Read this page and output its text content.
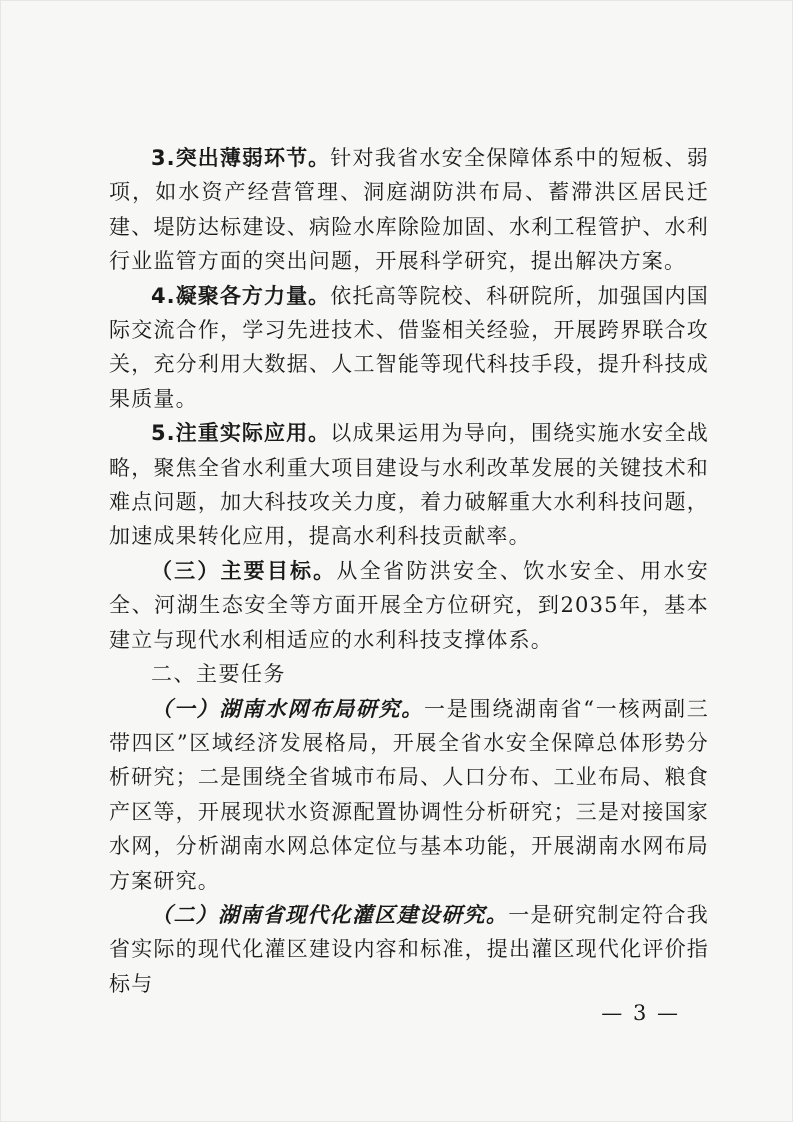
3.突出薄弱环节。针对我省水安全保障体系中的短板、弱项，如水资产经营管理、洞庭湖防洪布局、蓄滞洪区居民迁建、堤防达标建设、病险水库除险加固、水利工程管护、水利行业监管方面的突出问题，开展科学研究，提出解决方案。

4.凝聚各方力量。依托高等院校、科研院所，加强国内国际交流合作，学习先进技术、借鉴相关经验，开展跨界联合攻关，充分利用大数据、人工智能等现代科技手段，提升科技成果质量。

5.注重实际应用。以成果运用为导向，围绕实施水安全战略，聚焦全省水利重大项目建设与水利改革发展的关键技术和难点问题，加大科技攻关力度，着力破解重大水利科技问题，加速成果转化应用，提高水利科技贡献率。

（三）主要目标。从全省防洪安全、饮水安全、用水安全、河湖生态安全等方面开展全方位研究，到2035年，基本建立与现代水利相适应的水利科技支撑体系。

二、主要任务

（一）湖南水网布局研究。一是围绕湖南省“一核两副三带四区”区域经济发展格局，开展全省水安全保障总体形势分析研究；二是围绕全省城市布局、人口分布、工业布局、粮食产区等，开展现状水资源配置协调性分析研究；三是对接国家水网，分析湖南水网总体定位与基本功能，开展湖南水网布局方案研究。

（二）湖南省现代化灌区建设研究。一是研究制定符合我省实际的现代化灌区建设内容和标准，提出灌区现代化评价指标与

— 3 —
